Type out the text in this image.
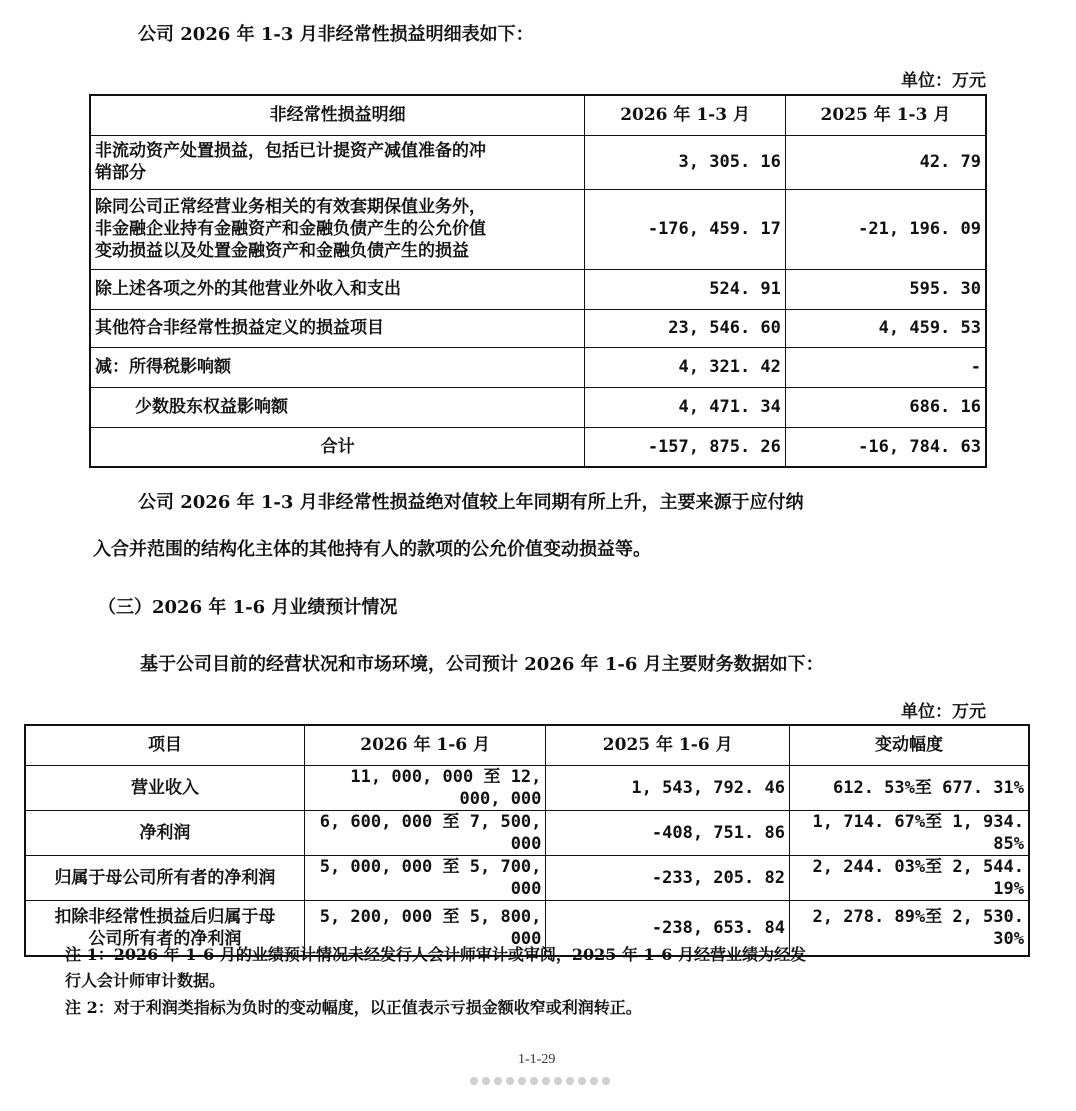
公司 2026 年 1-3 月非经常性损益明细表如下：
单位：万元
非经常性损益明细	2026 年 1-3 月	2025 年 1-3 月

非流动资产处置损益，包括已计提资产减值准备的冲
销部分	3, 305. 16	42. 79

除同公司正常经营业务相关的有效套期保值业务外，
非金融企业持有金融资产和金融负债产生的公允价值
变动损益以及处置金融资产和金融负债产生的损益	-176, 459. 17	-21, 196. 09
除上述各项之外的其他营业外收入和支出	524. 91	595. 30
其他符合非经常性损益定义的损益项目	23, 546. 60	4, 459. 53
减：所得税影响额	4, 321. 42	-
少数股东权益影响额	4, 471. 34	686. 16
合计	-157, 875. 26	-16, 784. 63
公司 2026 年 1-3 月非经常性损益绝对值较上年同期有所上升，主要来源于应付纳
入合并范围的结构化主体的其他持有人的款项的公允价值变动损益等。
（三）2026 年 1-6 月业绩预计情况
基于公司目前的经营状况和市场环境，公司预计 2026 年 1-6 月主要财务数据如下：
单位：万元
项目	2026 年 1-6 月	2025 年 1-6 月	变动幅度
营业收入	11, 000, 000 至 12, 000, 000	1, 543, 792. 46	612. 53%至 677. 31%
净利润	6, 600, 000 至 7, 500, 000	-408, 751. 86	1, 714. 67%至 1, 934. 85%
归属于母公司所有者的净利润	5, 000, 000 至 5, 700, 000	-233, 205. 82	2, 244. 03%至 2, 544. 19%

扣除非经常性损益后归属于母
公司所有者的净利润	5, 200, 000 至 5, 800, 000	-238, 653. 84	2, 278. 89%至 2, 530. 30%
注 1：2026 年 1-6 月的业绩预计情况未经发行人会计师审计或审阅，2025 年 1-6 月经营业绩为经发
行人会计师审计数据。
注 2：对于利润类指标为负时的变动幅度，以正值表示亏损金额收窄或利润转正。
1-1-29
